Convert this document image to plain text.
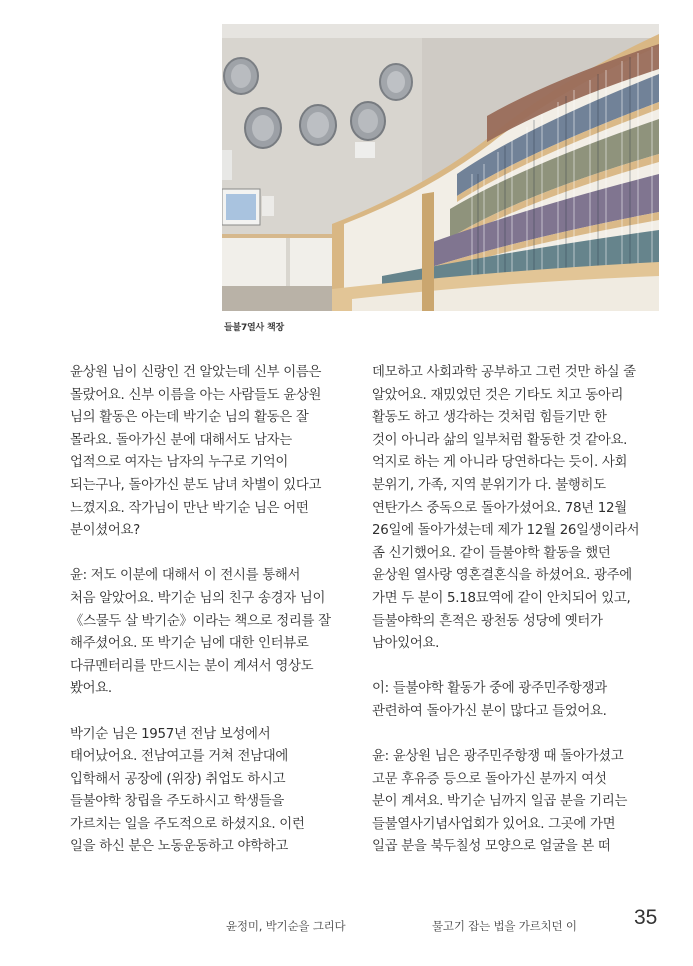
들불7열사 책장

윤상원 님이 신랑인 건 알았는데 신부 이름은
몰랐어요. 신부 이름을 아는 사람들도 윤상원
님의 활동은 아는데 박기순 님의 활동은 잘
몰라요. 돌아가신 분에 대해서도 남자는
업적으로 여자는 남자의 누구로 기억이
되는구나, 돌아가신 분도 남녀 차별이 있다고
느꼈지요. 작가님이 만난 박기순 님은 어떤
분이셨어요?

윤: 저도 이분에 대해서 이 전시를 통해서
처음 알았어요. 박기순 님의 친구 송경자 님이
《스물두 살 박기순》이라는 책으로 정리를 잘
해주셨어요. 또 박기순 님에 대한 인터뷰로
다큐멘터리를 만드시는 분이 계셔서 영상도
봤어요.

박기순 님은 1957년 전남 보성에서
태어났어요. 전남여고를 거쳐 전남대에
입학해서 공장에 (위장) 취업도 하시고
들불야학 창립을 주도하시고 학생들을
가르치는 일을 주도적으로 하셨지요. 이런
일을 하신 분은 노동운동하고 야학하고

데모하고 사회과학 공부하고 그런 것만 하실 줄
알았어요. 재밌었던 것은 기타도 치고 동아리
활동도 하고 생각하는 것처럼 힘들기만 한
것이 아니라 삶의 일부처럼 활동한 것 같아요.
억지로 하는 게 아니라 당연하다는 듯이. 사회
분위기, 가족, 지역 분위기가 다. 불행히도
연탄가스 중독으로 돌아가셨어요. 78년 12월
26일에 돌아가셨는데 제가 12월 26일생이라서
좀 신기했어요. 같이 들불야학 활동을 했던
윤상원 열사랑 영혼결혼식을 하셨어요. 광주에
가면 두 분이 5.18묘역에 같이 안치되어 있고,
들불야학의 흔적은 광천동 성당에 옛터가
남아있어요.

이: 들불야학 활동가 중에 광주민주항쟁과
관련하여 돌아가신 분이 많다고 들었어요.

윤: 윤상원 님은 광주민주항쟁 때 돌아가셨고
고문 후유증 등으로 돌아가신 분까지 여섯
분이 계셔요. 박기순 님까지 일곱 분을 기리는
들불열사기념사업회가 있어요. 그곳에 가면
일곱 분을 북두칠성 모양으로 얼굴을 본 떠

윤정미, 박기순을 그리다	물고기 잡는 법을 가르치던 이	35
